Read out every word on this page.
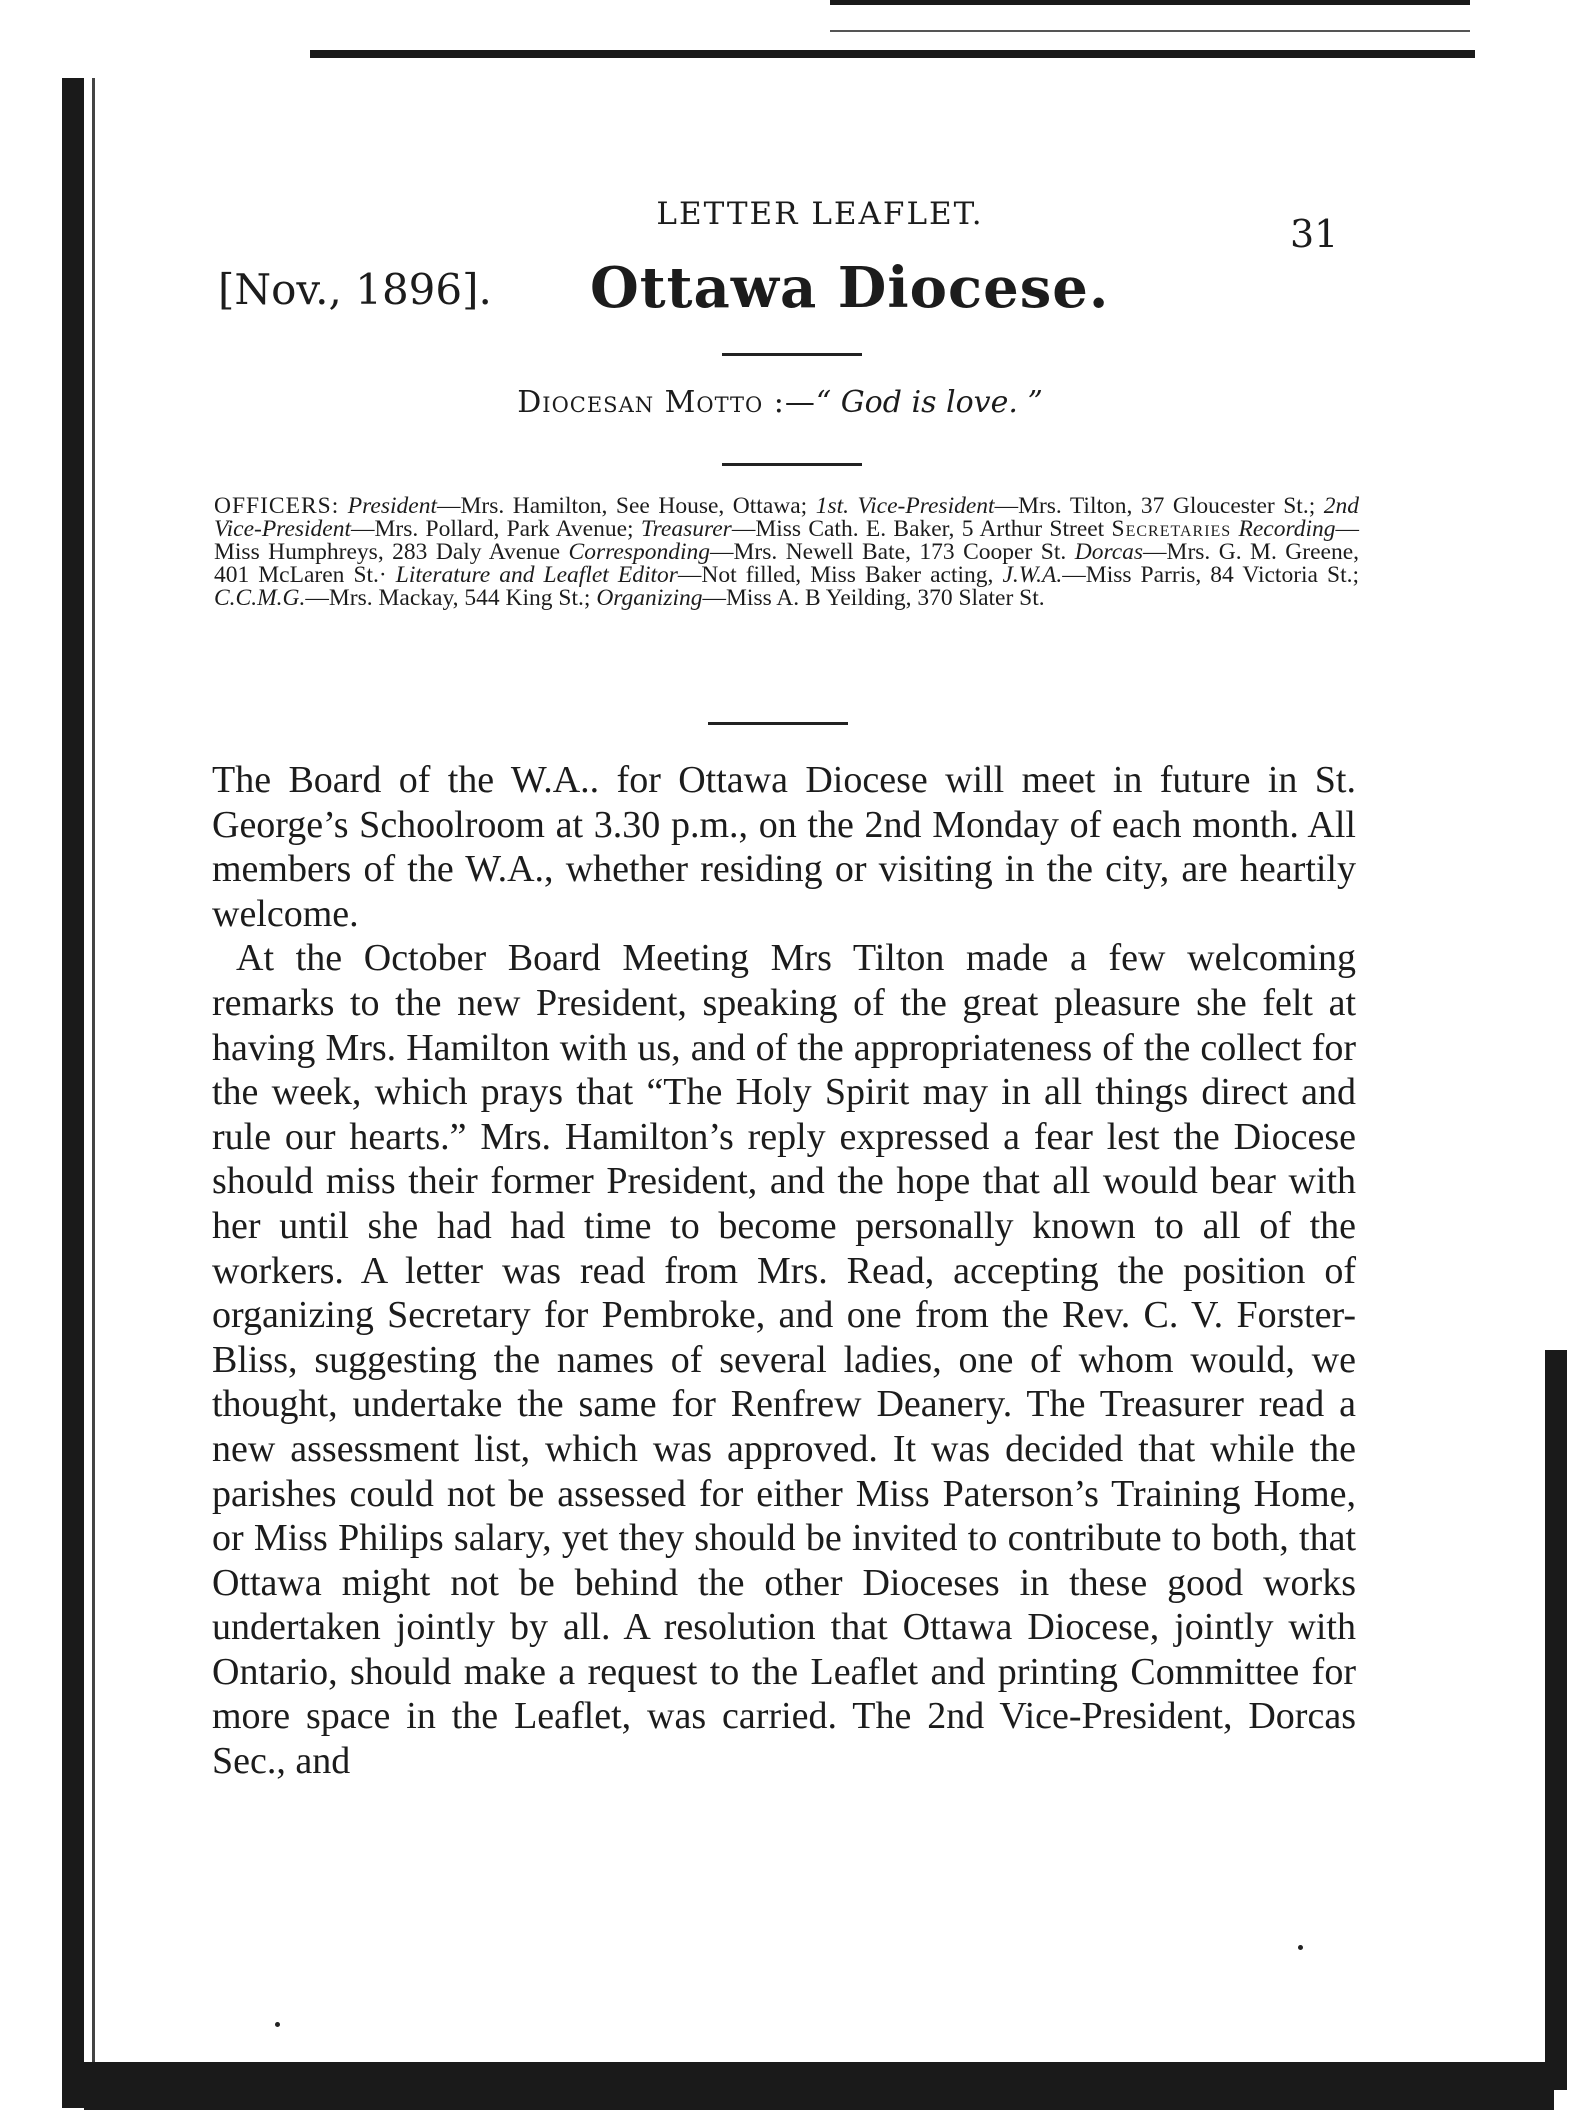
LETTER LEAFLET.	31
[Nov., 1896]. Ottawa Diocese.
Diocesan Motto :—“ God is love. ”
OFFICERS: President—Mrs. Hamilton, See House, Ottawa; 1st. Vice-President—Mrs. Tilton, 37 Gloucester St.; 2nd Vice-President—Mrs. Pollard, Park Avenue; Treasurer—Miss Cath. E. Baker, 5 Arthur Street Secretaries Recording—Miss Humphreys, 283 Daly Avenue Corresponding—Mrs. Newell Bate, 173 Cooper St. Dorcas—Mrs. G. M. Greene, 401 McLaren St.· Literature and Leaflet Editor—Not filled, Miss Baker acting, J.W.A.—Miss Parris, 84 Victoria St.; C.C.M.G.—Mrs. Mackay, 544 King St.; Organizing—Miss A. B Yeilding, 370 Slater St.

The Board of the W.A.. for Ottawa Diocese will meet in future in St. George’s Schoolroom at 3.30 p.m., on the 2nd Monday of each month. All members of the W.A., whether residing or visiting in the city, are heartily welcome.

At the October Board Meeting Mrs Tilton made a few welcoming remarks to the new President, speaking of the great pleasure she felt at having Mrs. Hamilton with us, and of the appropriateness of the collect for the week, which prays that “The Holy Spirit may in all things direct and rule our hearts.” Mrs. Hamilton’s reply expressed a fear lest the Diocese should miss their former President, and the hope that all would bear with her until she had had time to become personally known to all of the workers. A letter was read from Mrs. Read, accepting the position of organizing Secretary for Pembroke, and one from the Rev. C. V. Forster-Bliss, suggesting the names of several ladies, one of whom would, we thought, undertake the same for Renfrew Deanery. The Treasurer read a new assessment list, which was approved. It was decided that while the parishes could not be assessed for either Miss Paterson’s Training Home, or Miss Philips salary, yet they should be invited to contribute to both, that Ottawa might not be behind the other Dioceses in these good works undertaken jointly by all. A resolution that Ottawa Diocese, jointly with Ontario, should make a request to the Leaflet and printing Committee for more space in the Leaflet, was carried. The 2nd Vice-President, Dorcas Sec., and
